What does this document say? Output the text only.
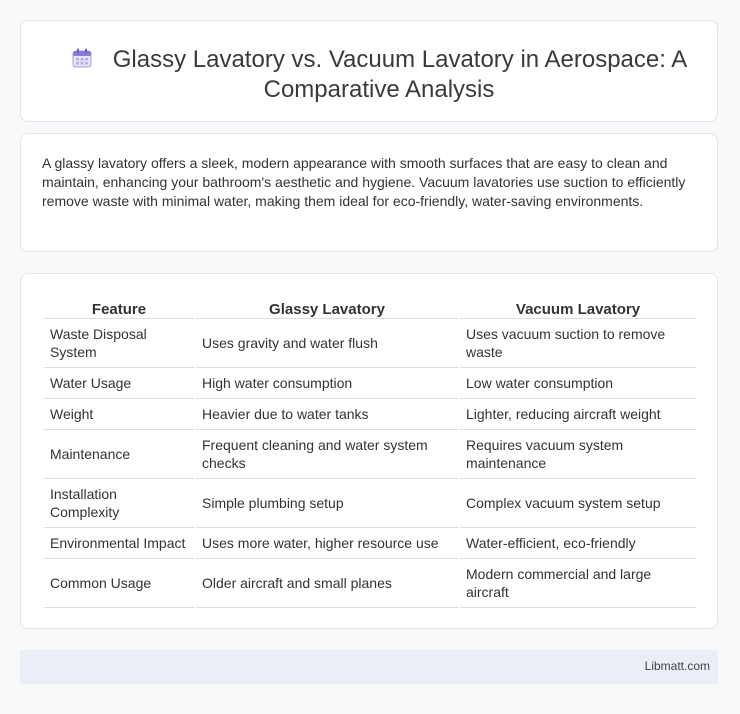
Glassy Lavatory vs. Vacuum Lavatory in Aerospace: A Comparative Analysis
A glassy lavatory offers a sleek, modern appearance with smooth surfaces that are easy to clean and maintain, enhancing your bathroom's aesthetic and hygiene. Vacuum lavatories use suction to efficiently remove waste with minimal water, making them ideal for eco-friendly, water-saving environments.
Feature	Glassy Lavatory	Vacuum Lavatory
Waste Disposal System	Uses gravity and water flush	Uses vacuum suction to remove waste
Water Usage	High water consumption	Low water consumption
Weight	Heavier due to water tanks	Lighter, reducing aircraft weight
Maintenance	Frequent cleaning and water system checks	Requires vacuum system maintenance
Installation Complexity	Simple plumbing setup	Complex vacuum system setup
Environmental Impact	Uses more water, higher resource use	Water-efficient, eco-friendly
Common Usage	Older aircraft and small planes	Modern commercial and large aircraft
Libmatt.com
